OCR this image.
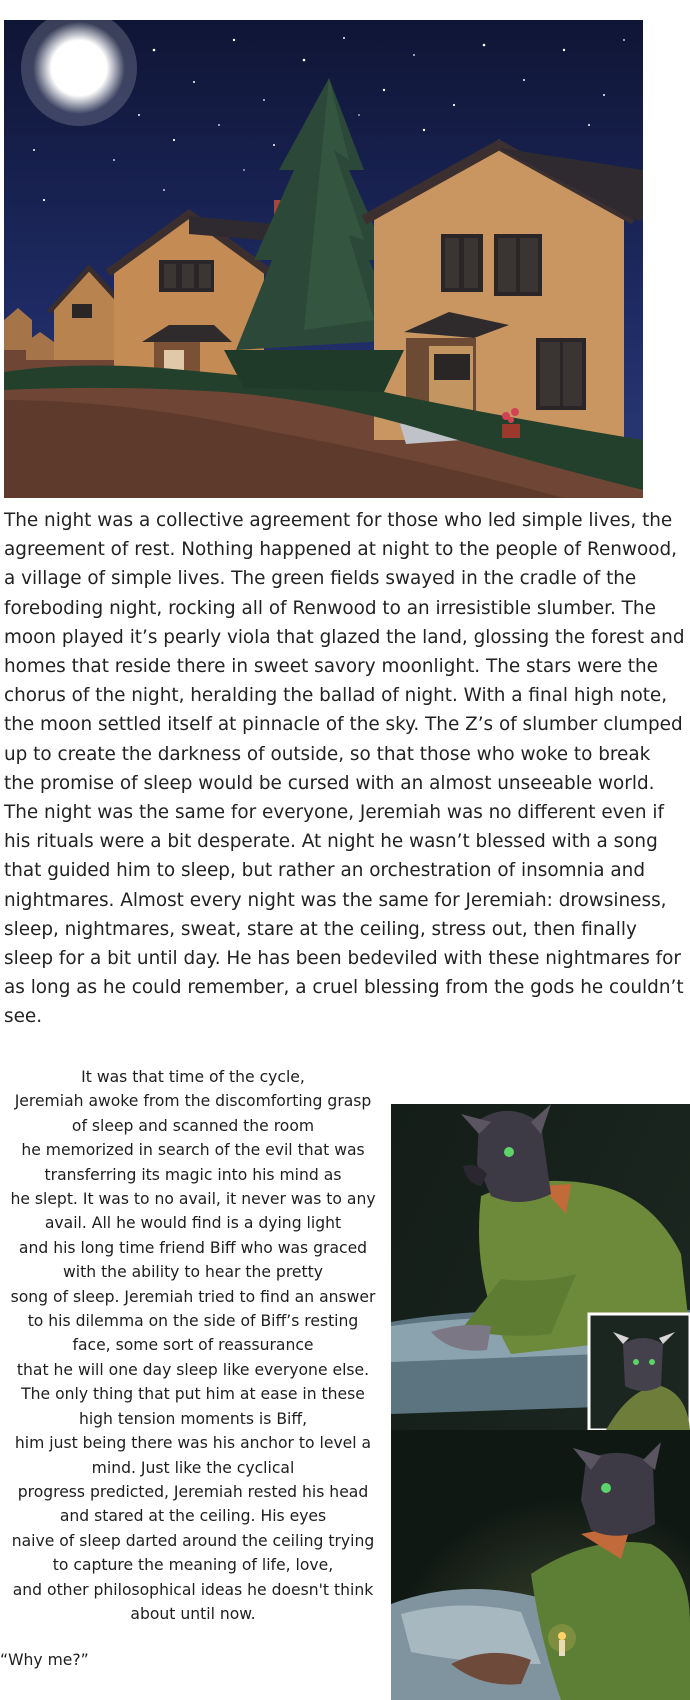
The night was a collective agreement for those who led simple lives, the agreement of rest. Nothing happened at night to the people of Renwood, a village of simple lives. The green fields swayed in the cradle of the foreboding night, rocking all of Renwood to an irresistible slumber. The moon played it’s pearly viola that glazed the land, glossing the forest and homes that reside there in sweet savory moonlight. The stars were the chorus of the night, heralding the ballad of night. With a final high note, the moon settled itself at pinnacle of the sky. The Z’s of slumber clumped up to create the darkness of outside, so that those who woke to break the promise of sleep would be cursed with an almost unseeable world. The night was the same for everyone, Jeremiah was no different even if his rituals were a bit desperate. At night he wasn’t blessed with a song that guided him to sleep, but rather an orchestration of insomnia and nightmares. Almost every night was the same for Jeremiah: drowsiness, sleep, nightmares, sweat, stare at the ceiling, stress out, then finally sleep for a bit until day. He has been bedeviled with these nightmares for as long as he could remember, a cruel blessing from the gods he couldn’t see.

It was that time of the cycle,
Jeremiah awoke from the discomforting grasp
of sleep and scanned the room
he memorized in search of the evil that was
transferring its magic into his mind as
he slept. It was to no avail, it never was to any
avail. All he would find is a dying light
and his long time friend Biff who was graced
with the ability to hear the pretty
song of sleep. Jeremiah tried to find an answer
to his dilemma on the side of Biff’s resting
face, some sort of reassurance
that he will one day sleep like everyone else.
The only thing that put him at ease in these
high tension moments is Biff,
him just being there was his anchor to level a
mind. Just like the cyclical
progress predicted, Jeremiah rested his head
and stared at the ceiling. His eyes
naive of sleep darted around the ceiling trying
to capture the meaning of life, love,
and other philosophical ideas he doesn't think
about until now.
“Why me?”
